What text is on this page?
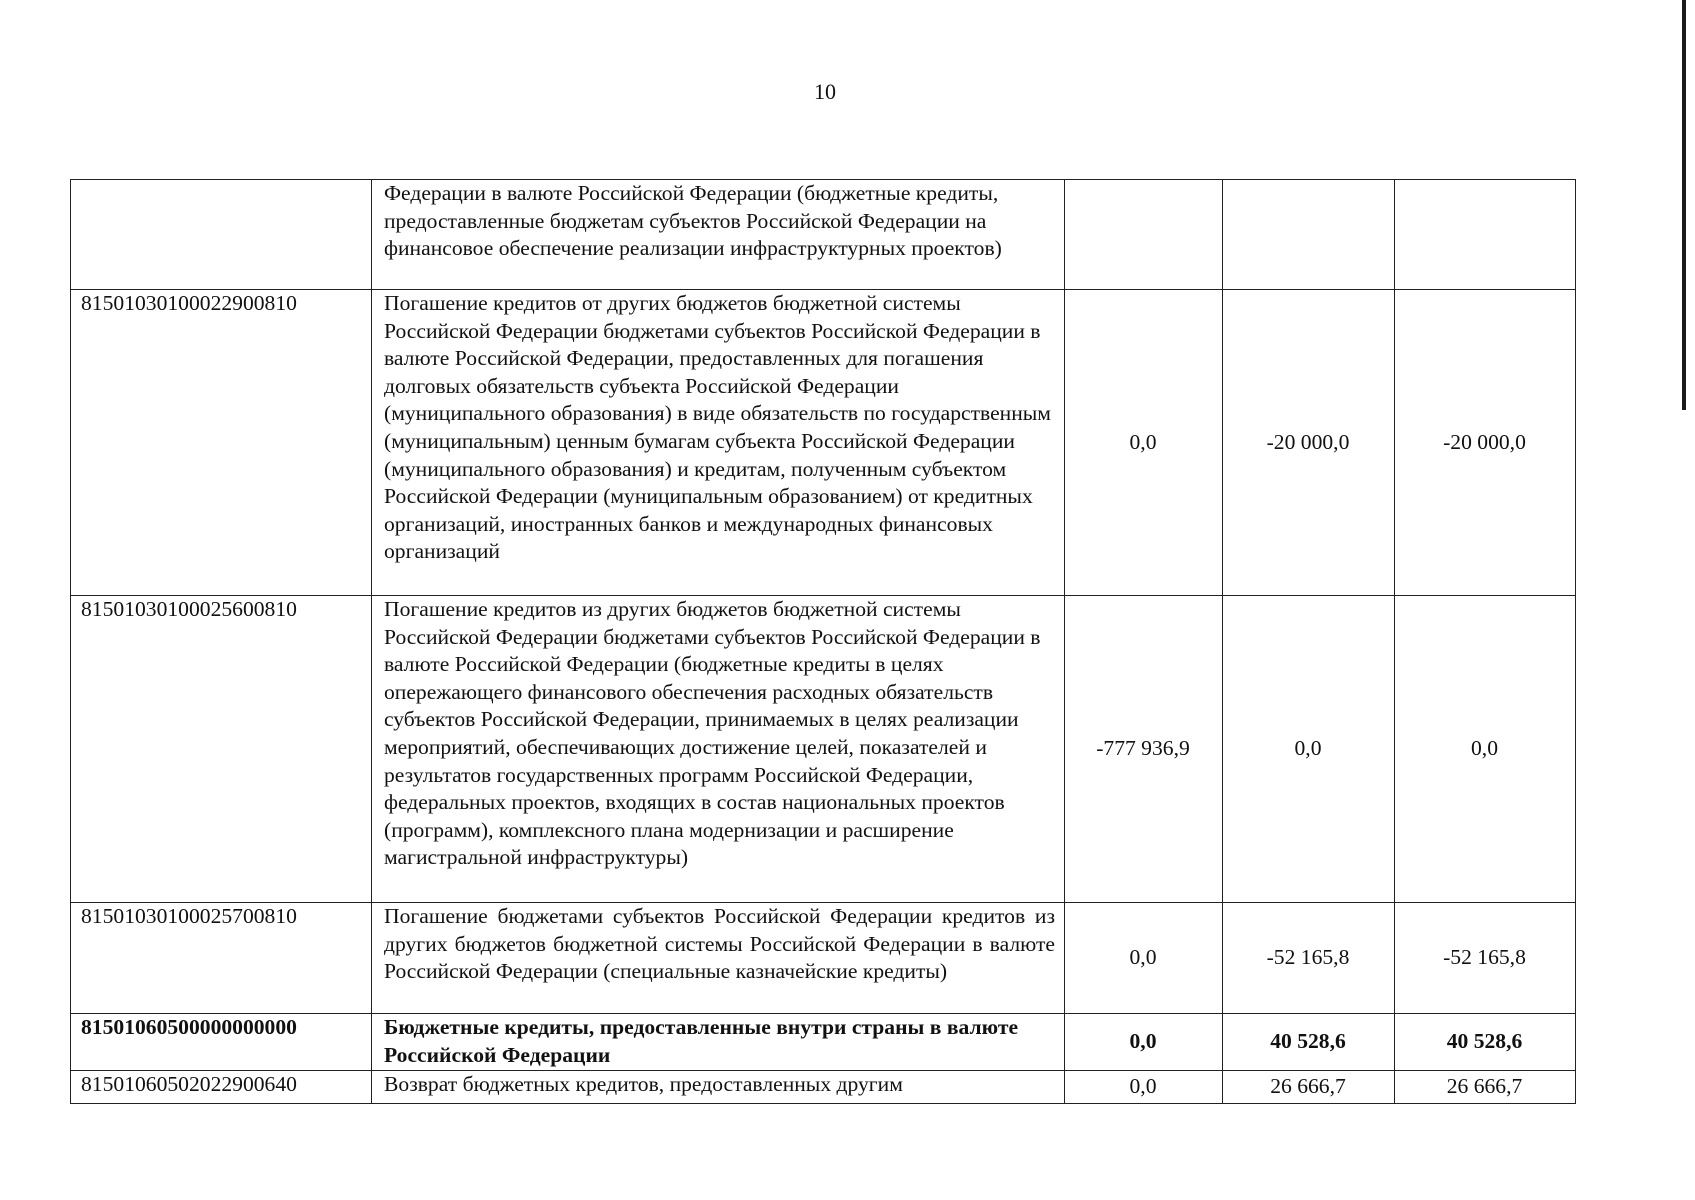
10
	Федерации в валюте Российской Федерации (бюджетные кредиты, предоставленные бюджетам субъектов Российской Федерации на финансовое обеспечение реализации инфраструктурных проектов)			
81501030100022900810	Погашение кредитов от других бюджетов бюджетной системы Российской Федерации бюджетами субъектов Российской Федерации в валюте Российской Федерации, предоставленных для погашения долговых обязательств субъекта Российской Федерации (муниципального образования) в виде обязательств по государственным (муниципальным) ценным бумагам субъекта Российской Федерации (муниципального образования) и кредитам, полученным субъектом Российской Федерации (муниципальным образованием) от кредитных организаций, иностранных банков и международных финансовых организаций	0,0	-20 000,0	-20 000,0
81501030100025600810	Погашение кредитов из других бюджетов бюджетной системы Российской Федерации бюджетами субъектов Российской Федерации в валюте Российской Федерации (бюджетные кредиты в целях опережающего финансового обеспечения расходных обязательств субъектов Российской Федерации, принимаемых в целях реализации мероприятий, обеспечивающих достижение целей, показателей и результатов государственных программ Российской Федерации, федеральных проектов, входящих в состав национальных проектов (программ), комплексного плана модернизации и расширение магистральной инфраструктуры)	-777 936,9	0,0	0,0
81501030100025700810	Погашение бюджетами субъектов Российской Федерации кредитов из других бюджетов бюджетной системы Российской Федерации в валюте Российской Федерации (специальные казначейские кредиты)	0,0	-52 165,8	-52 165,8
81501060500000000000	Бюджетные кредиты, предоставленные внутри страны в валюте Российской Федерации	0,0	40 528,6	40 528,6
81501060502022900640	Возврат бюджетных кредитов, предоставленных другим	0,0	26 666,7	26 666,7
